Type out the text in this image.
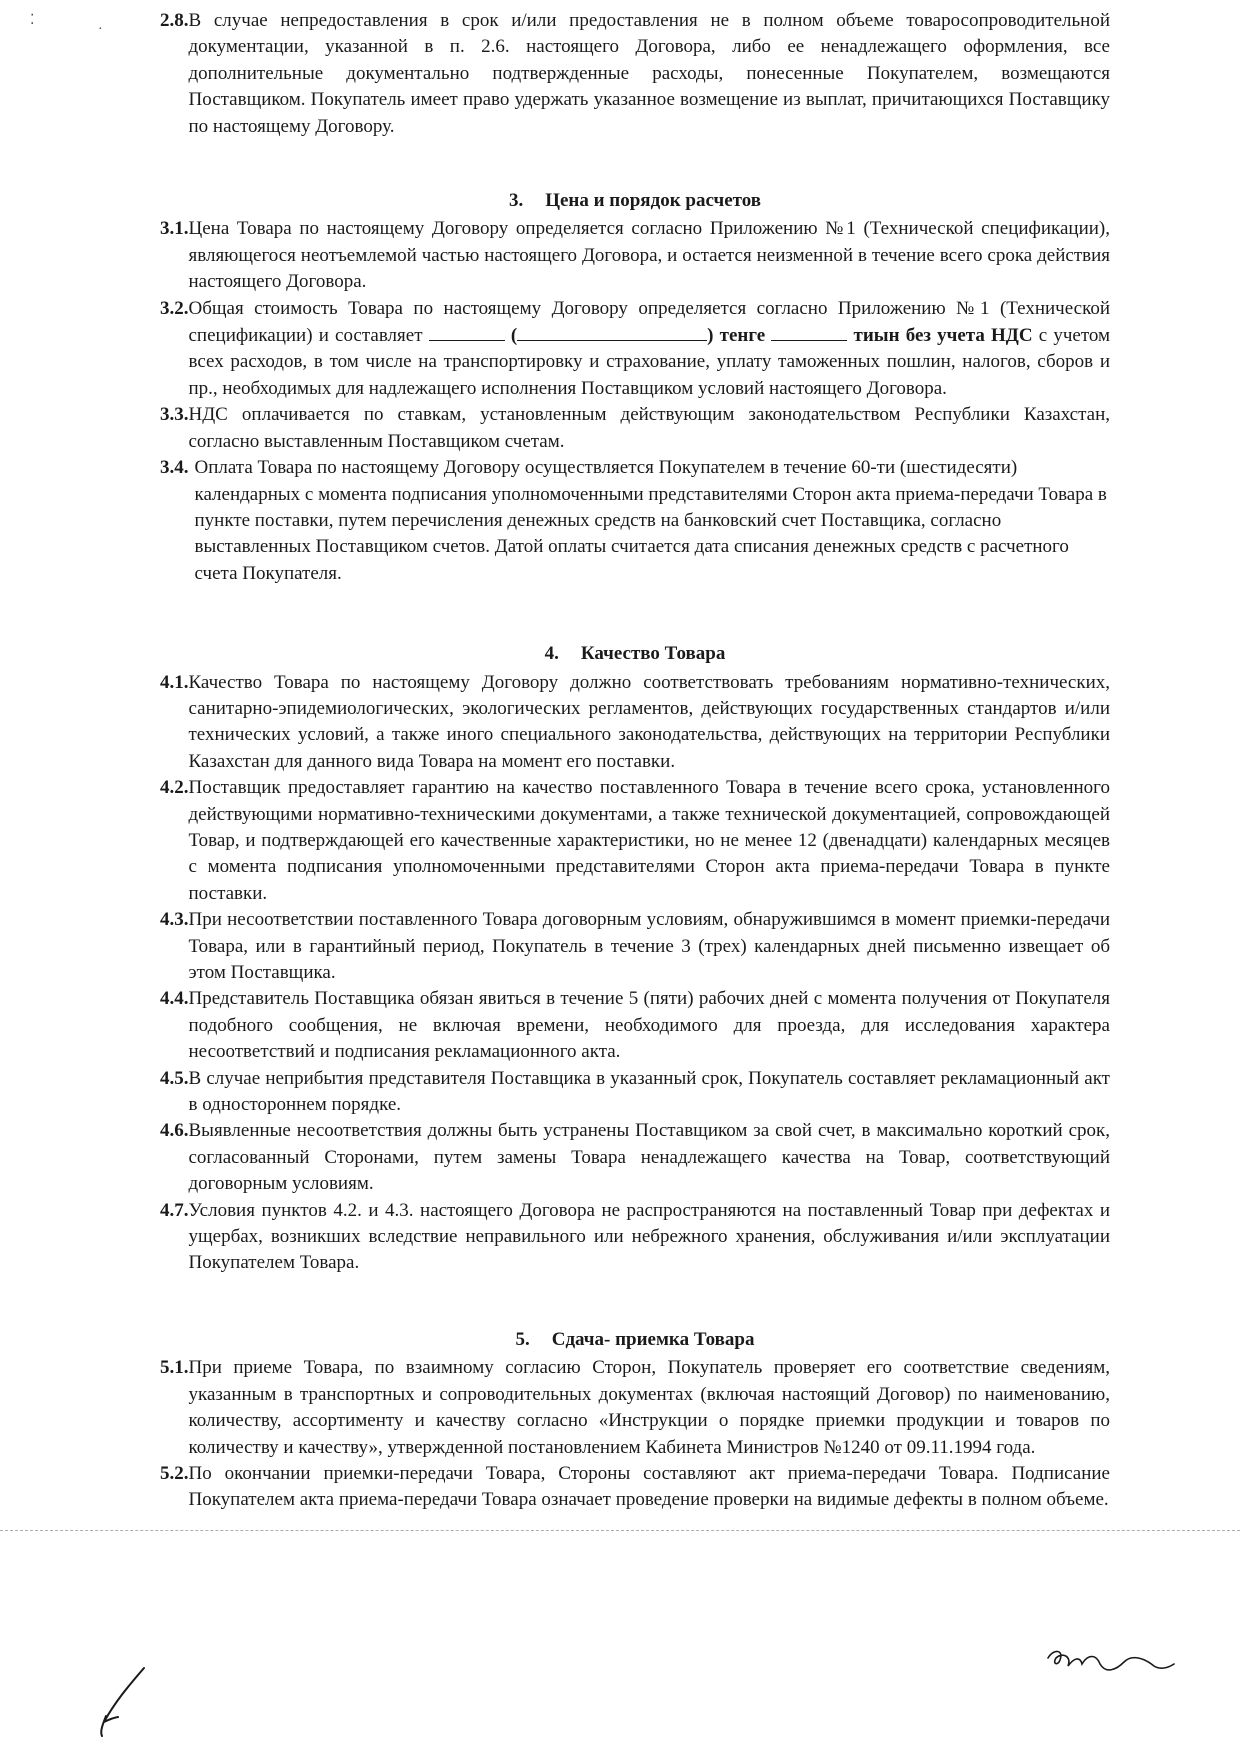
⁚
·	2.8. В случае непредоставления в срок и/или предоставления не в полном объеме товаросопроводительной документации, указанной в п. 2.6. настоящего Договора, либо ее ненадлежащего оформления, все дополнительные документально подтвержденные расходы, понесенные Покупателем, возмещаются Поставщиком. Покупатель имеет право удержать указанное возмещение из выплат, причитающихся Поставщику по настоящему Договору.
3. Цена и порядок расчетов
3.1. Цена Товара по настоящему Договору определяется согласно Приложению №1 (Технической спецификации), являющегося неотъемлемой частью настоящего Договора, и остается неизменной в течение всего срока действия настоящего Договора.
3.2. Общая стоимость Товара по настоящему Договору определяется согласно Приложению №1 (Технической спецификации) и составляет	(	) тенге	тиын без учета НДС с учетом всех расходов, в том числе на транспортировку и страхование, уплату таможенных пошлин, налогов, сборов и пр., необходимых для надлежащего исполнения Поставщиком условий настоящего Договора.
3.3. НДС оплачивается по ставкам, установленным действующим законодательством Республики Казахстан, согласно выставленным Поставщиком счетам.
3.4. Оплата Товара по настоящему Договору осуществляется Покупателем в течение 60-ти (шестидесяти) календарных с момента подписания уполномоченными представителями Сторон акта приема-передачи Товара в пункте поставки, путем перечисления денежных средств на банковский счет Поставщика, согласно выставленных Поставщиком счетов. Датой оплаты считается дата списания денежных средств с расчетного счета Покупателя.
4. Качество Товара
4.1. Качество Товара по настоящему Договору должно соответствовать требованиям нормативно-технических, санитарно-эпидемиологических, экологических регламентов, действующих государственных стандартов и/или технических условий, а также иного специального законодательства, действующих на территории Республики Казахстан для данного вида Товара на момент его поставки.
4.2. Поставщик предоставляет гарантию на качество поставленного Товара в течение всего срока, установленного действующими нормативно-техническими документами, а также технической документацией, сопровождающей Товар, и подтверждающей его качественные характеристики, но не менее 12 (двенадцати) календарных месяцев с момента подписания уполномоченными представителями Сторон акта приема-передачи Товара в пункте поставки.
4.3. При несоответствии поставленного Товара договорным условиям, обнаружившимся в момент приемки-передачи Товара, или в гарантийный период, Покупатель в течение 3 (трех) календарных дней письменно извещает об этом Поставщика.
4.4. Представитель Поставщика обязан явиться в течение 5 (пяти) рабочих дней с момента получения от Покупателя подобного сообщения, не включая времени, необходимого для проезда, для исследования характера несоответствий и подписания рекламационного акта.
4.5. В случае неприбытия представителя Поставщика в указанный срок, Покупатель составляет рекламационный акт в одностороннем порядке.
4.6. Выявленные несоответствия должны быть устранены Поставщиком за свой счет, в максимально короткий срок, согласованный Сторонами, путем замены Товара ненадлежащего качества на Товар, соответствующий договорным условиям.
4.7. Условия пунктов 4.2. и 4.3. настоящего Договора не распространяются на поставленный Товар при дефектах и ущербах, возникших вследствие неправильного или небрежного хранения, обслуживания и/или эксплуатации Покупателем Товара.
5. Сдача- приемка Товара
5.1. При приеме Товара, по взаимному согласию Сторон, Покупатель проверяет его соответствие сведениям, указанным в транспортных и сопроводительных документах (включая настоящий Договор) по наименованию, количеству, ассортименту и качеству согласно «Инструкции о порядке приемки продукции и товаров по количеству и качеству», утвержденной постановлением Кабинета Министров №1240 от 09.11.1994 года.
5.2. По окончании приемки-передачи Товара, Стороны составляют акт приема-передачи Товара. Подписание Покупателем акта приема-передачи Товара означает проведение проверки на видимые дефекты в полном объеме.
